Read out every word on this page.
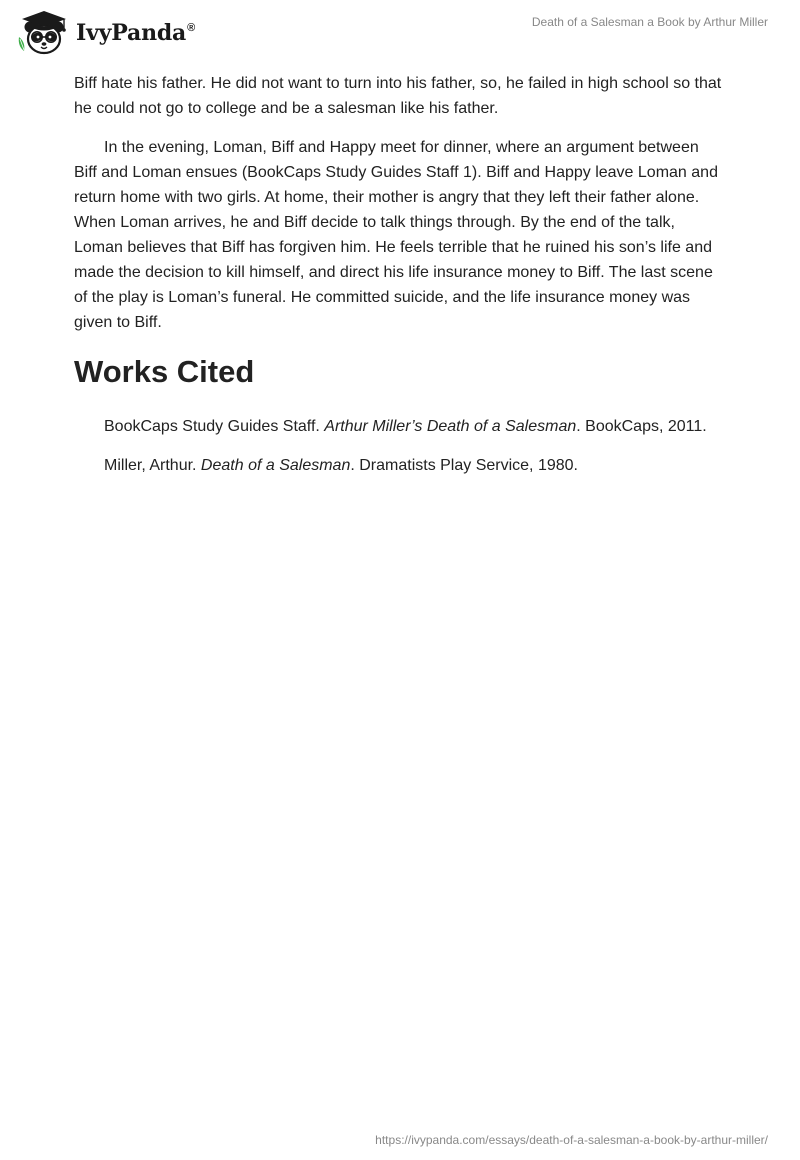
IvyPanda®	Death of a Salesman a Book by Arthur Miller

Biff hate his father. He did not want to turn into his father, so, he failed in high school so that he could not go to college and be a salesman like his father.

In the evening, Loman, Biff and Happy meet for dinner, where an argument between Biff and Loman ensues (BookCaps Study Guides Staff 1). Biff and Happy leave Loman and return home with two girls. At home, their mother is angry that they left their father alone. When Loman arrives, he and Biff decide to talk things through. By the end of the talk, Loman believes that Biff has forgiven him. He feels terrible that he ruined his son’s life and made the decision to kill himself, and direct his life insurance money to Biff. The last scene of the play is Loman’s funeral. He committed suicide, and the life insurance money was given to Biff.

Works Cited

BookCaps Study Guides Staff. Arthur Miller’s Death of a Salesman. BookCaps, 2011.

Miller, Arthur. Death of a Salesman. Dramatists Play Service, 1980.

https://ivypanda.com/essays/death-of-a-salesman-a-book-by-arthur-miller/
